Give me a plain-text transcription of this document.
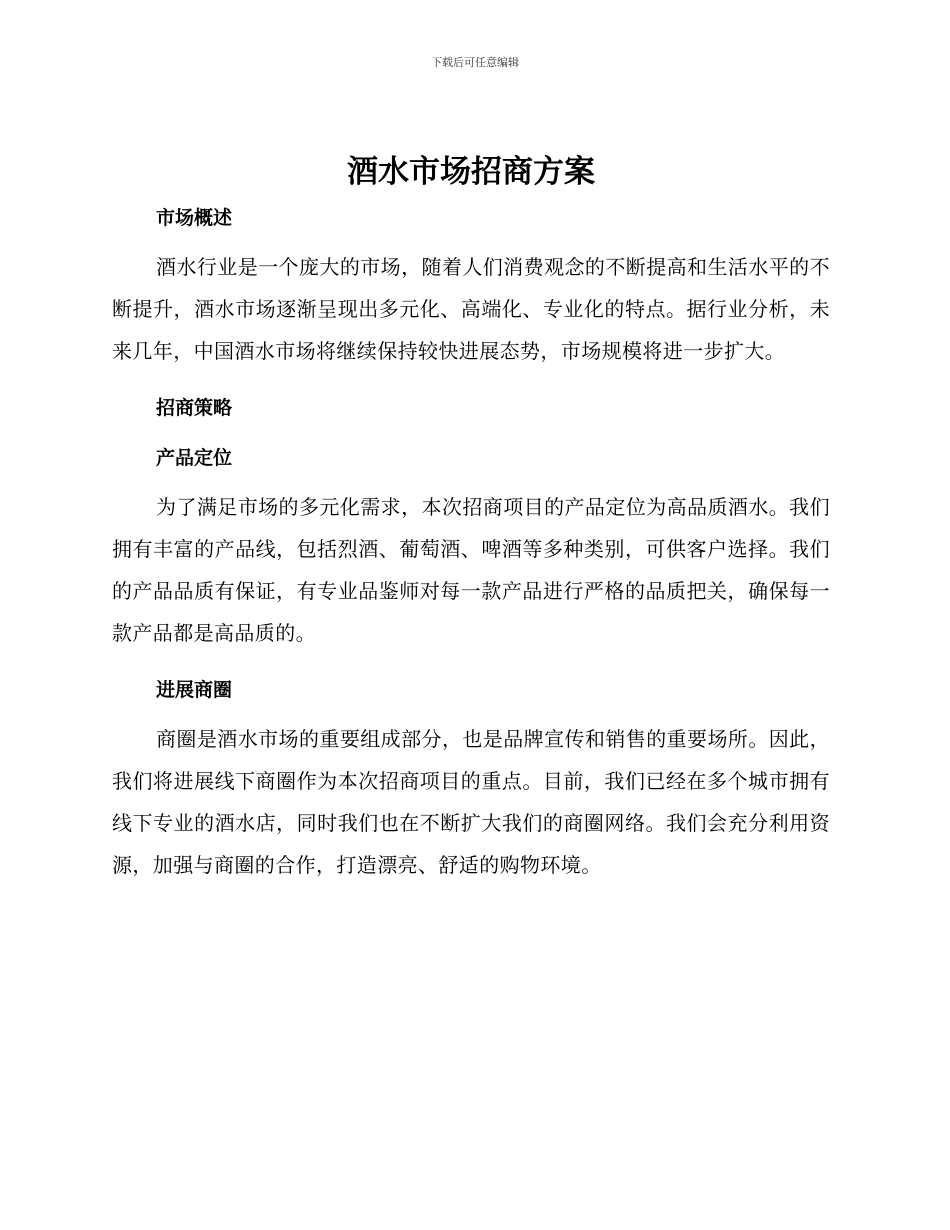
下载后可任意编辑

酒水市场招商方案
市场概述

酒水行业是一个庞大的市场，随着人们消费观念的不断提高和生活水平的不断提升，酒水市场逐渐呈现出多元化、高端化、专业化的特点。据行业分析，未来几年，中国酒水市场将继续保持较快进展态势，市场规模将进一步扩大。

招商策略
产品定位

为了满足市场的多元化需求，本次招商项目的产品定位为高品质酒水。我们拥有丰富的产品线，包括烈酒、葡萄酒、啤酒等多种类别，可供客户选择。我们的产品品质有保证，有专业品鉴师对每一款产品进行严格的品质把关，确保每一款产品都是高品质的。

进展商圈

商圈是酒水市场的重要组成部分，也是品牌宣传和销售的重要场所。因此，我们将进展线下商圈作为本次招商项目的重点。目前，我们已经在多个城市拥有线下专业的酒水店，同时我们也在不断扩大我们的商圈网络。我们会充分利用资源，加强与商圈的合作，打造漂亮、舒适的购物环境。
